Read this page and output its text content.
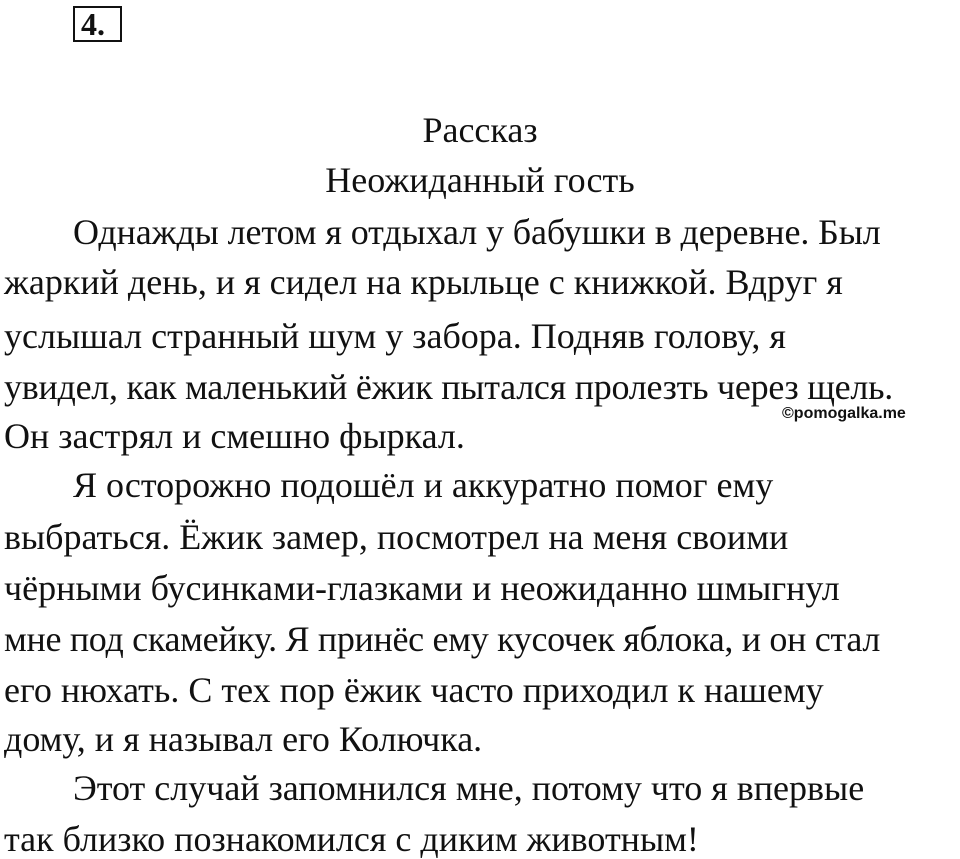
4.
Рассказ
Неожиданный гость
Однажды летом я отдыхал у бабушки в деревне. Был
жаркий день, и я сидел на крыльце с книжкой. Вдруг я
услышал странный шум у забора. Подняв голову, я
увидел, как маленький ёжик пытался пролезть через щель.
Он застрял и смешно фыркал.
Я осторожно подошёл и аккуратно помог ему
выбраться. Ёжик замер, посмотрел на меня своими
чёрными бусинками-глазками и неожиданно шмыгнул
мне под скамейку. Я принёс ему кусочек яблока, и он стал
его нюхать. С тех пор ёжик часто приходил к нашему
дому, и я называл его Колючка.
Этот случай запомнился мне, потому что я впервые
так близко познакомился с диким животным!
©pomogalka.me
